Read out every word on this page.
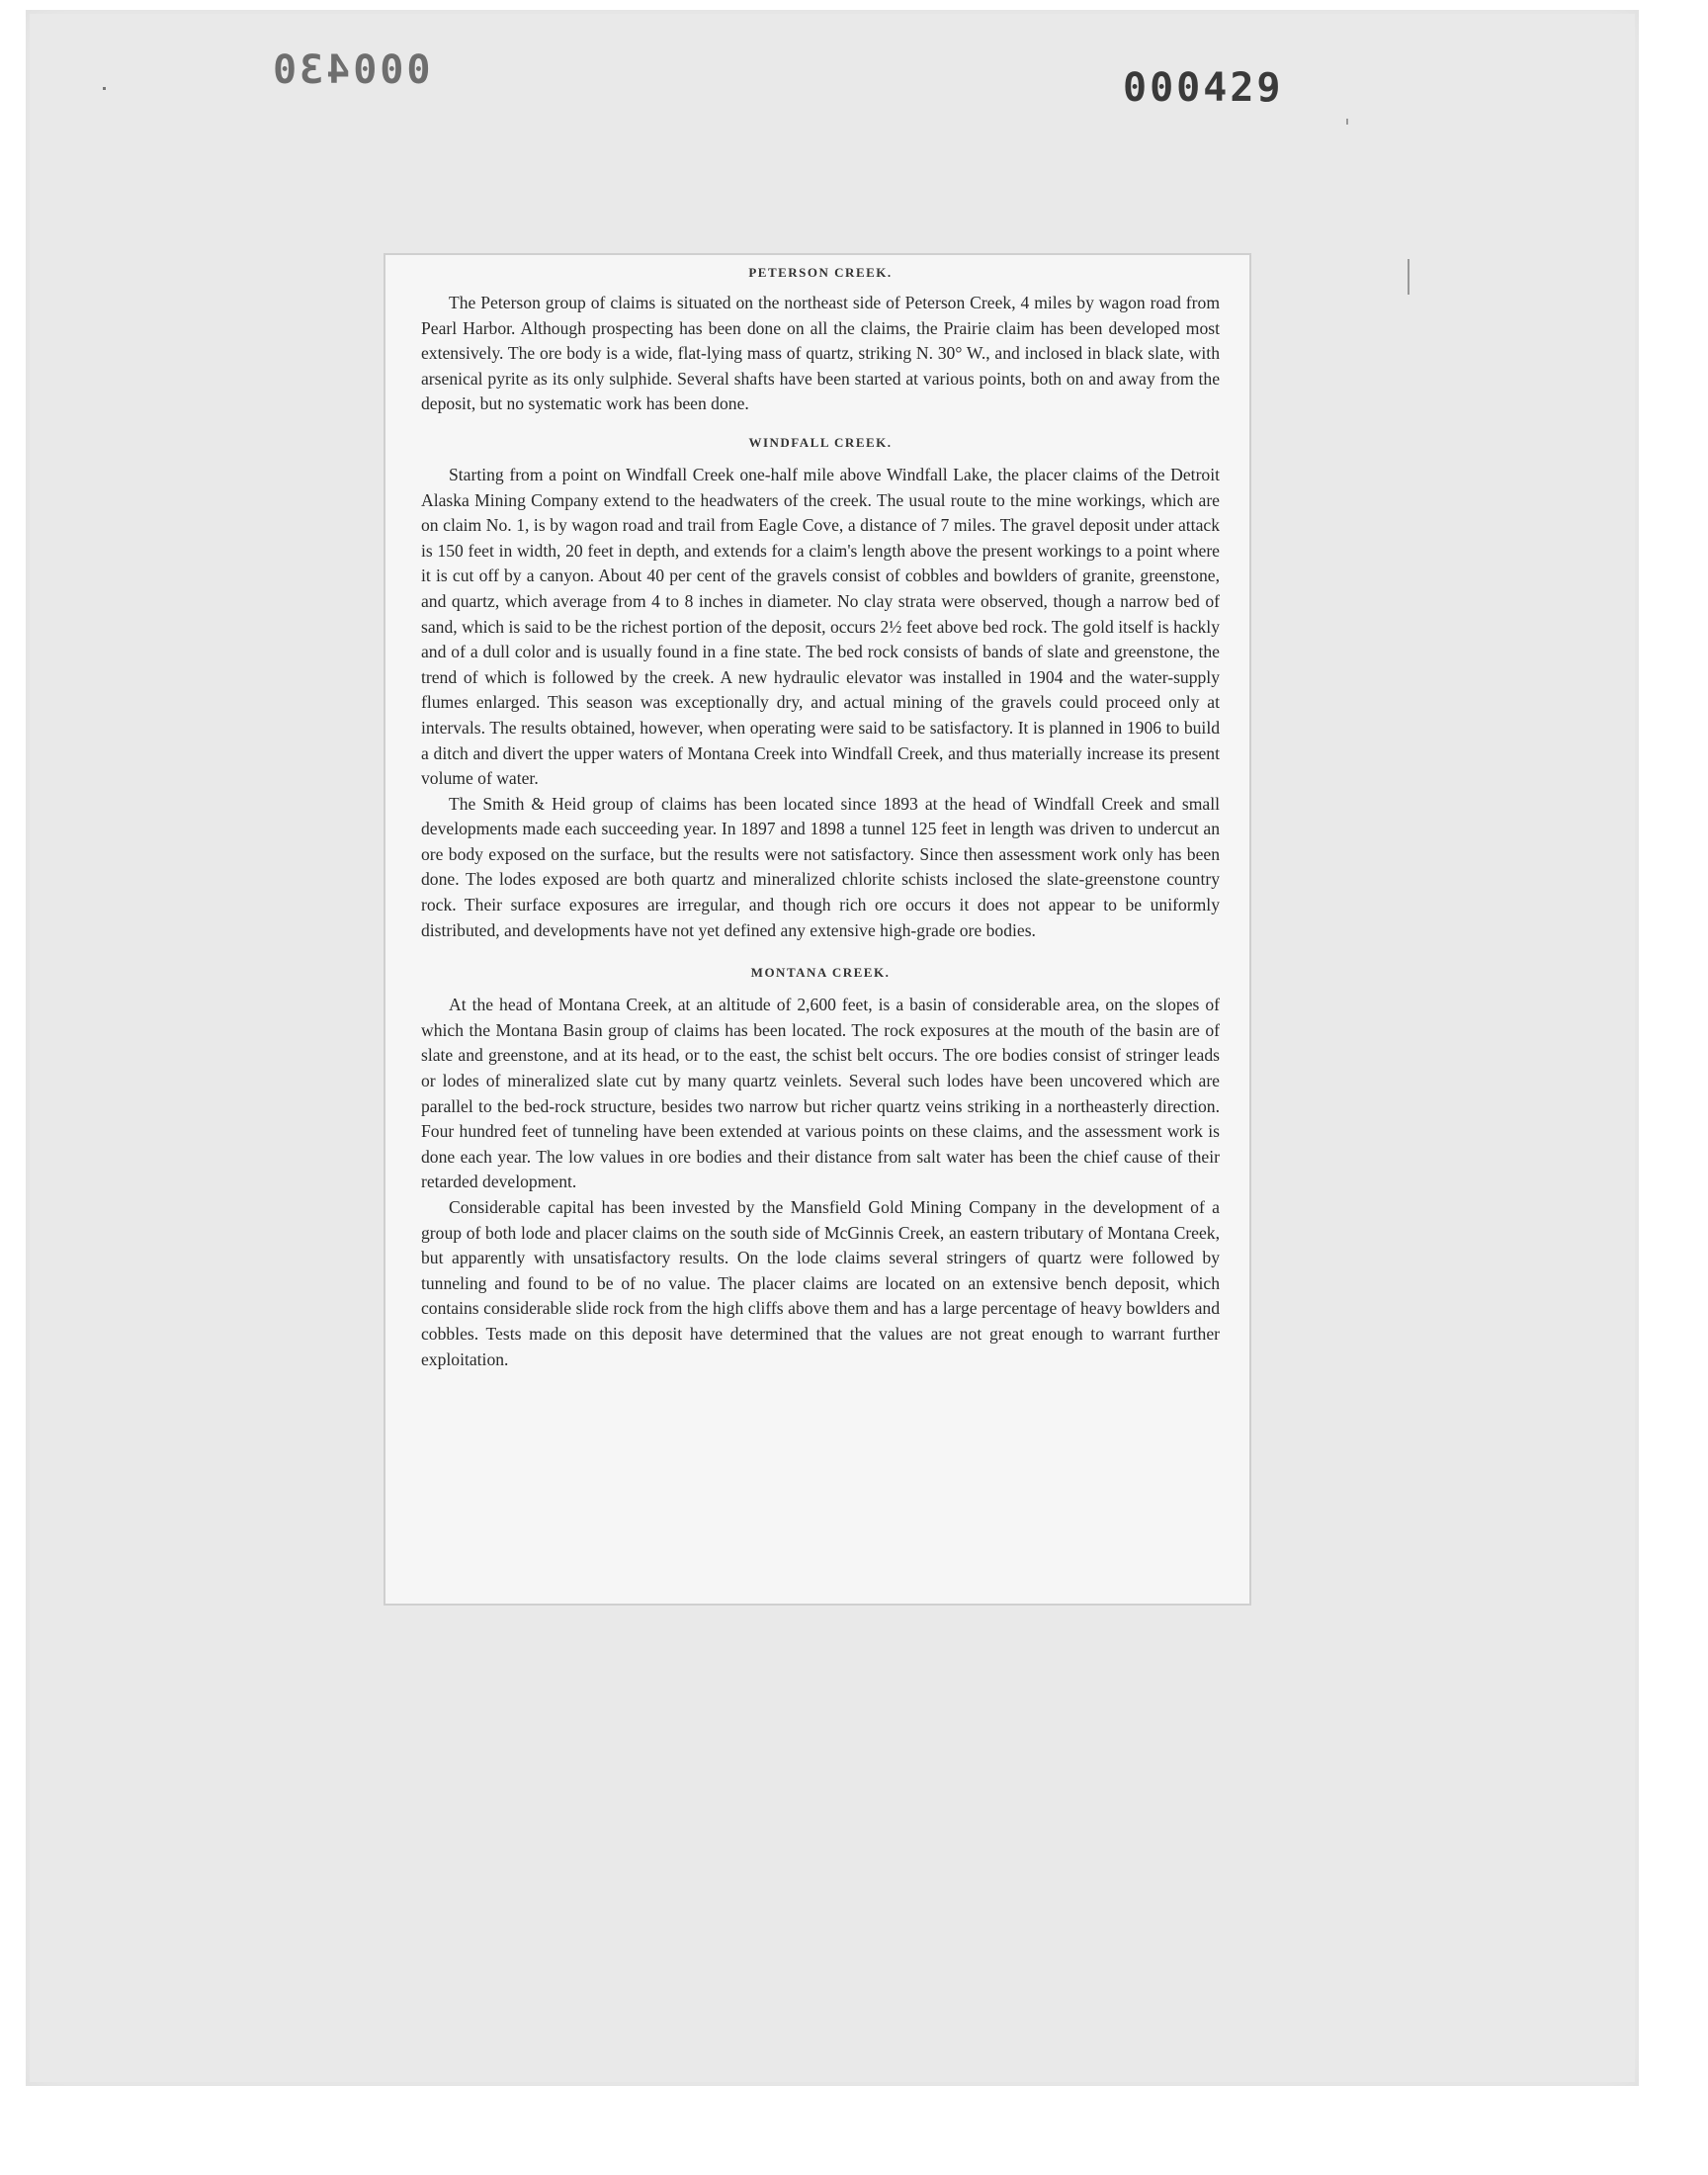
000430	000429
PETERSON CREEK.

The Peterson group of claims is situated on the northeast side of Peterson Creek, 4 miles by wagon road from Pearl Harbor. Although prospecting has been done on all the claims, the Prairie claim has been developed most extensively. The ore body is a wide, flat-lying mass of quartz, striking N. 30° W., and inclosed in black slate, with arsenical pyrite as its only sulphide. Several shafts have been started at various points, both on and away from the deposit, but no systematic work has been done.

WINDFALL CREEK.

Starting from a point on Windfall Creek one-half mile above Windfall Lake, the placer claims of the Detroit Alaska Mining Company extend to the headwaters of the creek. The usual route to the mine workings, which are on claim No. 1, is by wagon road and trail from Eagle Cove, a distance of 7 miles. The gravel deposit under attack is 150 feet in width, 20 feet in depth, and extends for a claim's length above the present workings to a point where it is cut off by a canyon. About 40 per cent of the gravels consist of cobbles and bowlders of granite, greenstone, and quartz, which average from 4 to 8 inches in diameter. No clay strata were observed, though a narrow bed of sand, which is said to be the richest portion of the deposit, occurs 2½ feet above bed rock. The gold itself is hackly and of a dull color and is usually found in a fine state. The bed rock consists of bands of slate and greenstone, the trend of which is followed by the creek. A new hydraulic elevator was installed in 1904 and the water-supply flumes enlarged. This season was exceptionally dry, and actual mining of the gravels could proceed only at intervals. The results obtained, however, when operating were said to be satisfactory. It is planned in 1906 to build a ditch and divert the upper waters of Montana Creek into Windfall Creek, and thus materially increase its present volume of water.

The Smith & Heid group of claims has been located since 1893 at the head of Windfall Creek and small developments made each succeeding year. In 1897 and 1898 a tunnel 125 feet in length was driven to undercut an ore body exposed on the surface, but the results were not satisfactory. Since then assessment work only has been done. The lodes exposed are both quartz and mineralized chlorite schists inclosed the slate-greenstone country rock. Their surface exposures are irregular, and though rich ore occurs it does not appear to be uniformly distributed, and developments have not yet defined any extensive high-grade ore bodies.

MONTANA CREEK.

At the head of Montana Creek, at an altitude of 2,600 feet, is a basin of considerable area, on the slopes of which the Montana Basin group of claims has been located. The rock exposures at the mouth of the basin are of slate and greenstone, and at its head, or to the east, the schist belt occurs. The ore bodies consist of stringer leads or lodes of mineralized slate cut by many quartz veinlets. Several such lodes have been uncovered which are parallel to the bed-rock structure, besides two narrow but richer quartz veins striking in a northeasterly direction. Four hundred feet of tunneling have been extended at various points on these claims, and the assessment work is done each year. The low values in ore bodies and their distance from salt water has been the chief cause of their retarded development.

Considerable capital has been invested by the Mansfield Gold Mining Company in the development of a group of both lode and placer claims on the south side of McGinnis Creek, an eastern tributary of Montana Creek, but apparently with unsatisfactory results. On the lode claims several stringers of quartz were followed by tunneling and found to be of no value. The placer claims are located on an extensive bench deposit, which contains considerable slide rock from the high cliffs above them and has a large percentage of heavy bowlders and cobbles. Tests made on this deposit have determined that the values are not great enough to warrant further exploitation.
